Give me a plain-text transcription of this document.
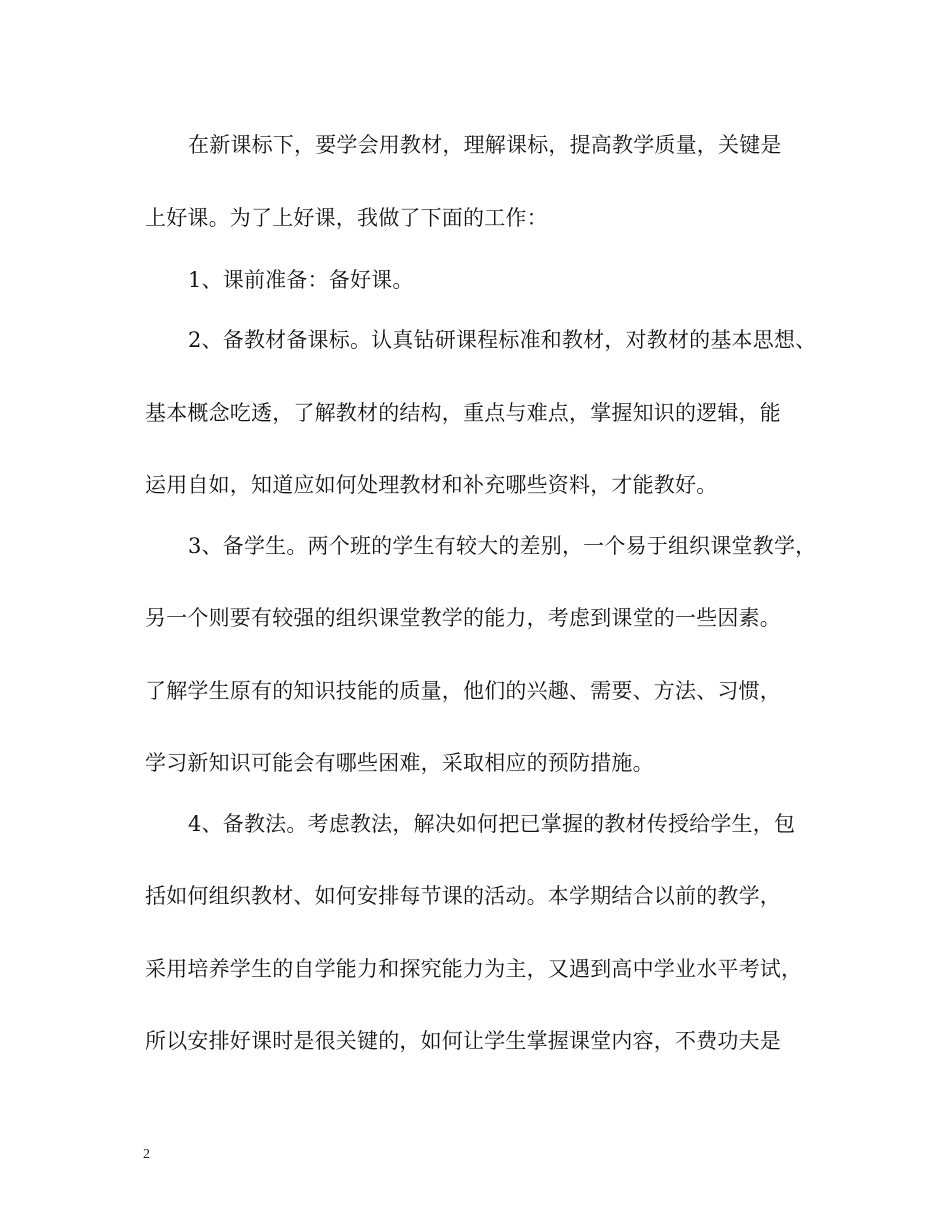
在新课标下，要学会用教材，理解课标，提高教学质量，关键是
上好课。为了上好课，我做了下面的工作：
1、课前准备：备好课。
2、备教材备课标。认真钻研课程标准和教材，对教材的基本思想、
基本概念吃透，了解教材的结构，重点与难点，掌握知识的逻辑，能
运用自如，知道应如何处理教材和补充哪些资料，才能教好。
3、备学生。两个班的学生有较大的差别，一个易于组织课堂教学，
另一个则要有较强的组织课堂教学的能力，考虑到课堂的一些因素。
了解学生原有的知识技能的质量，他们的兴趣、需要、方法、习惯，
学习新知识可能会有哪些困难，采取相应的预防措施。
4、备教法。考虑教法，解决如何把已掌握的教材传授给学生，包
括如何组织教材、如何安排每节课的活动。本学期结合以前的教学，
采用培养学生的自学能力和探究能力为主，又遇到高中学业水平考试，
所以安排好课时是很关键的，如何让学生掌握课堂内容，不费功夫是
2
